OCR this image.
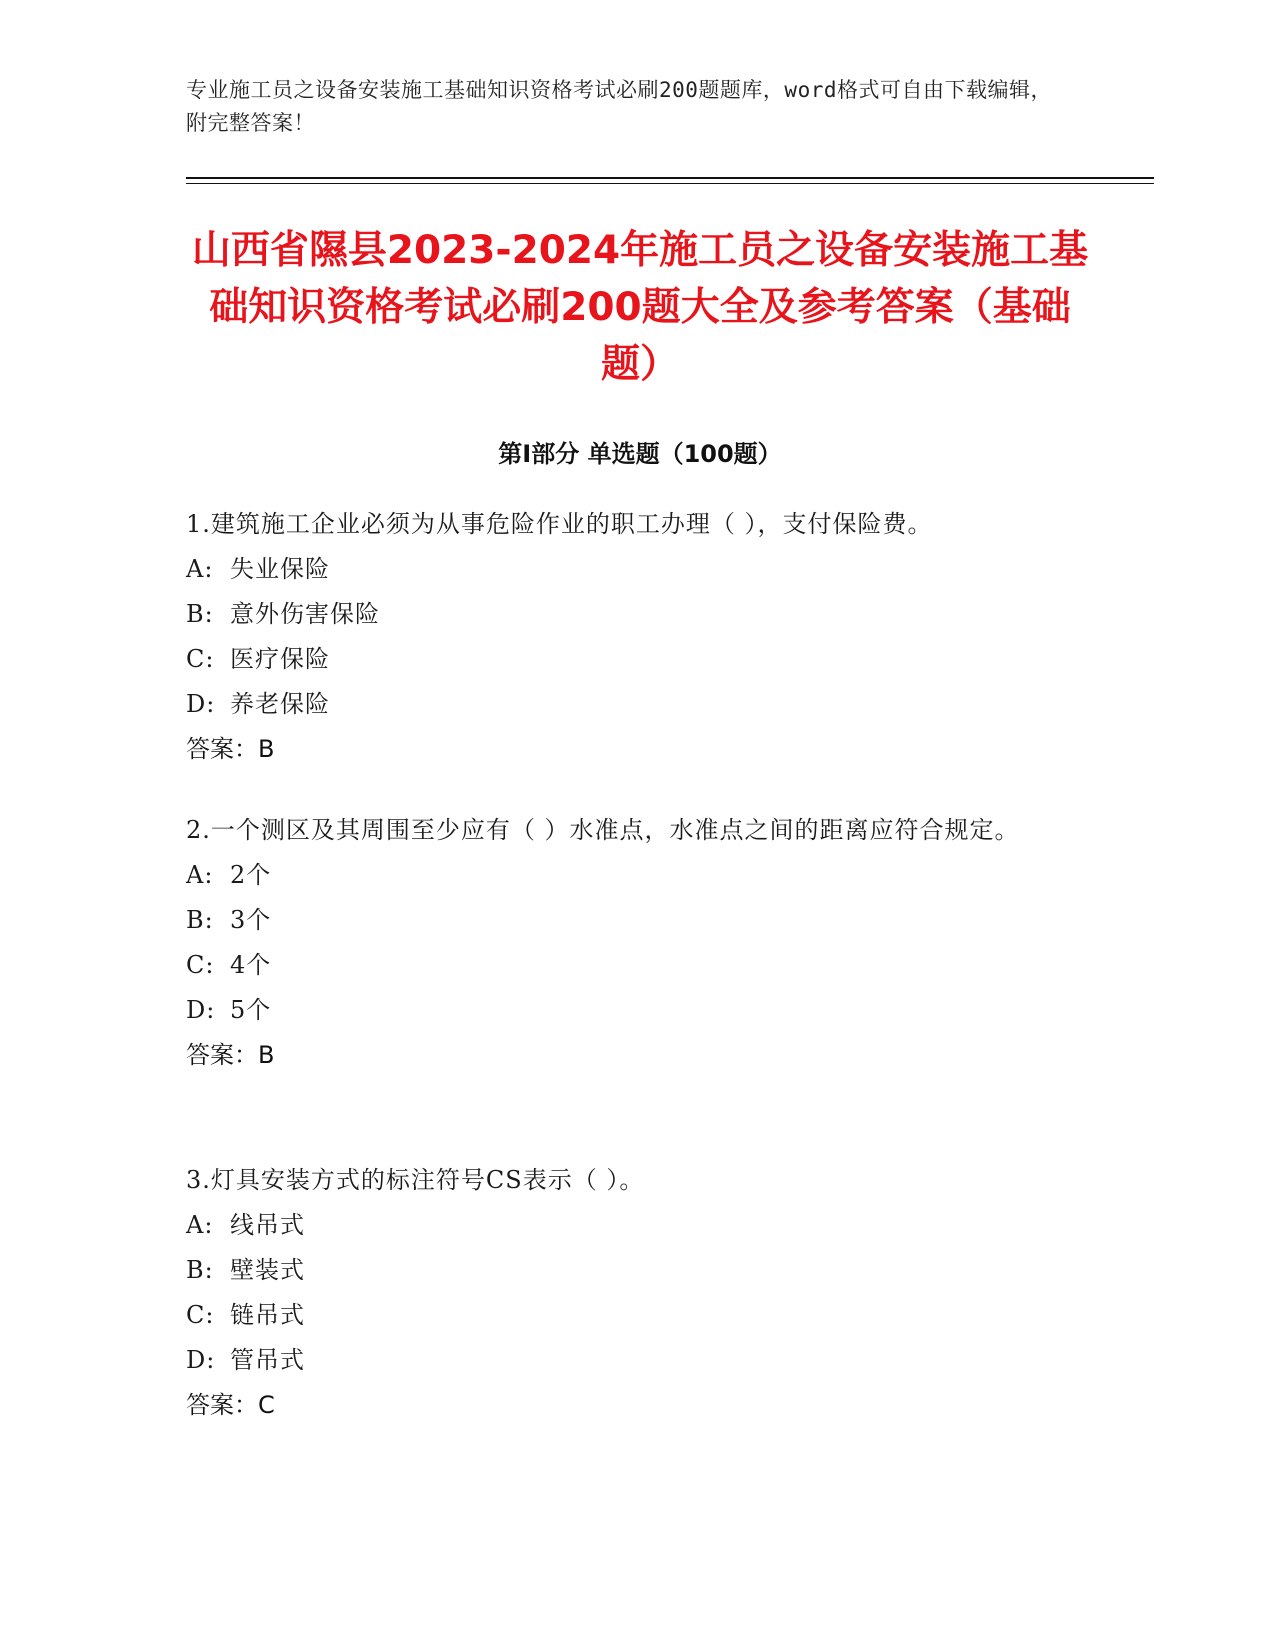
专业施工员之设备安装施工基础知识资格考试必刷200题题库，word格式可自由下载编辑，附完整答案！
山西省隰县2023-2024年施工员之设备安装施工基础知识资格考试必刷200题大全及参考答案（基础题）
第Ⅰ部分 单选题（100题）
1.建筑施工企业必须为从事危险作业的职工办理（ ），支付保险费。
A: 失业保险
B: 意外伤害保险
C: 医疗保险
D: 养老保险
答案：B
2.一个测区及其周围至少应有（ ）水准点，水准点之间的距离应符合规定。
A: 2个
B: 3个
C: 4个
D: 5个
答案：B
3.灯具安装方式的标注符号CS表示（ ）。
A: 线吊式
B: 壁装式
C: 链吊式
D: 管吊式
答案：C
